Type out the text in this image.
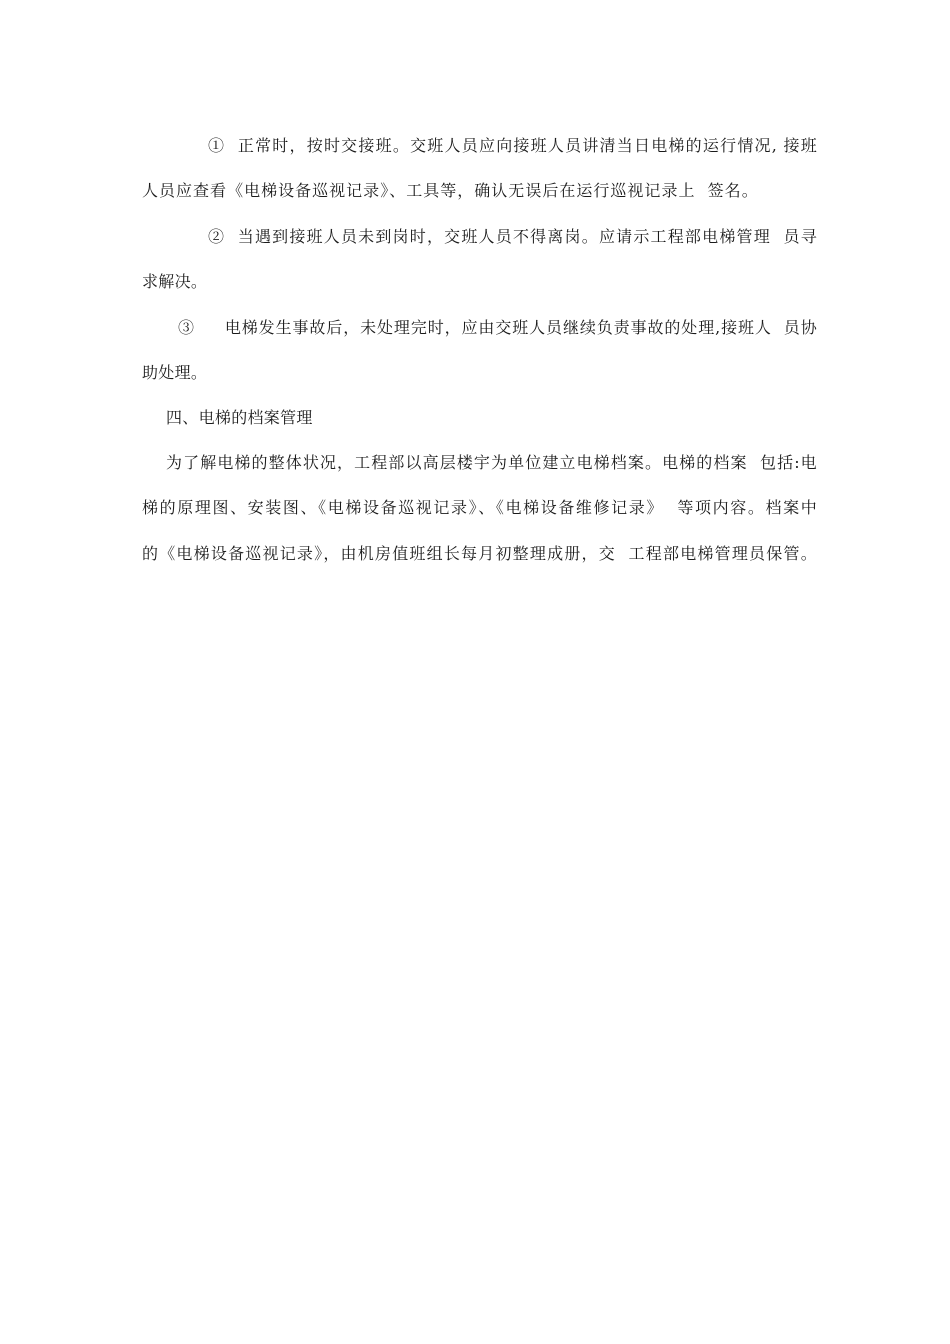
①  正常时，按时交接班。交班人员应向接班人员讲清当日电梯的运行情况, 接班
人员应查看《电梯设备巡视记录》、工具等，确认无误后在运行巡视记录上  签名。
②  当遇到接班人员未到岗时，交班人员不得离岗。应请示工程部电梯管理  员寻
求解决。
③     电梯发生事故后，未处理完时，应由交班人员继续负责事故的处理,接班人  员协
助处理。
四、电梯的档案管理
为了解电梯的整体状况，工程部以高层楼宇为单位建立电梯档案。电梯的档案  包括:电
梯的原理图、安装图、《电梯设备巡视记录》、《电梯设备维修记录》  等项内容。档案中
的《电梯设备巡视记录》，由机房值班组长每月初整理成册，交  工程部电梯管理员保管。
